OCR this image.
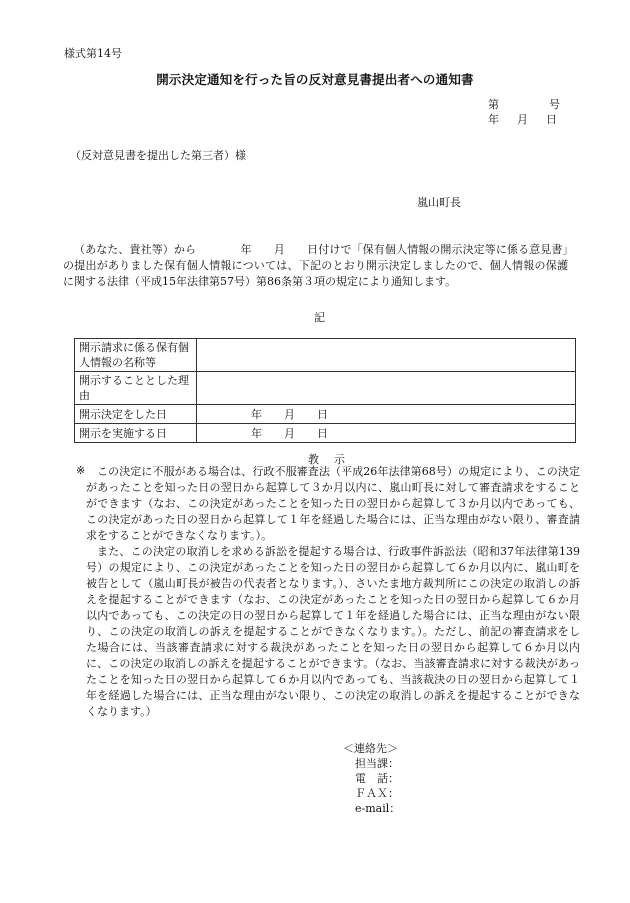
様式第14号
開示決定通知を行った旨の反対意見書提出者への通知書
第	号
年 月 日
（反対意見書を提出した第三者）様
嵐山町長
（あなた、貴社等）から　　　　年　　月　　日付けで「保有個人情報の開示決定等に係る意見書」の提出がありました保有個人情報については、下記のとおり開示決定しましたので、個人情報の保護に関する法律（平成15年法律第57号）第86条第３項の規定により通知します。
記
開示請求に係る保有個人情報の名称等	
開示することとした理由	
開示決定をした日	年　　月　　日
開示を実施する日	年　　月　　日
教　示
※	この決定に不服がある場合は、行政不服審査法（平成26年法律第68号）の規定により、この決定があったことを知った日の翌日から起算して３か月以内に、嵐山町長に対して審査請求をすることができます（なお、この決定があったことを知った日の翌日から起算して３か月以内であっても、この決定があった日の翌日から起算して１年を経過した場合には、正当な理由がない限り、審査請求をすることができなくなります。）。
また、この決定の取消しを求める訴訟を提起する場合は、行政事件訴訟法（昭和37年法律第139号）の規定により、この決定があったことを知った日の翌日から起算して６か月以内に、嵐山町を被告として（嵐山町長が被告の代表者となります。）、さいたま地方裁判所にこの決定の取消しの訴えを提起することができます（なお、この決定があったことを知った日の翌日から起算して６か月以内であっても、この決定の日の翌日から起算して１年を経過した場合には、正当な理由がない限り、この決定の取消しの訴えを提起することができなくなります。）。ただし、前記の審査請求をした場合には、当該審査請求に対する裁決があったことを知った日の翌日から起算して６か月以内に、この決定の取消しの訴えを提起することができます。（なお、当該審査請求に対する裁決があったことを知った日の翌日から起算して６か月以内であっても、当該裁決の日の翌日から起算して１年を経過した場合には、正当な理由がない限り、この決定の取消しの訴えを提起することができなくなります。）
＜連絡先＞
担当課：
電　話：
ＦＡＸ：
e-mail：
